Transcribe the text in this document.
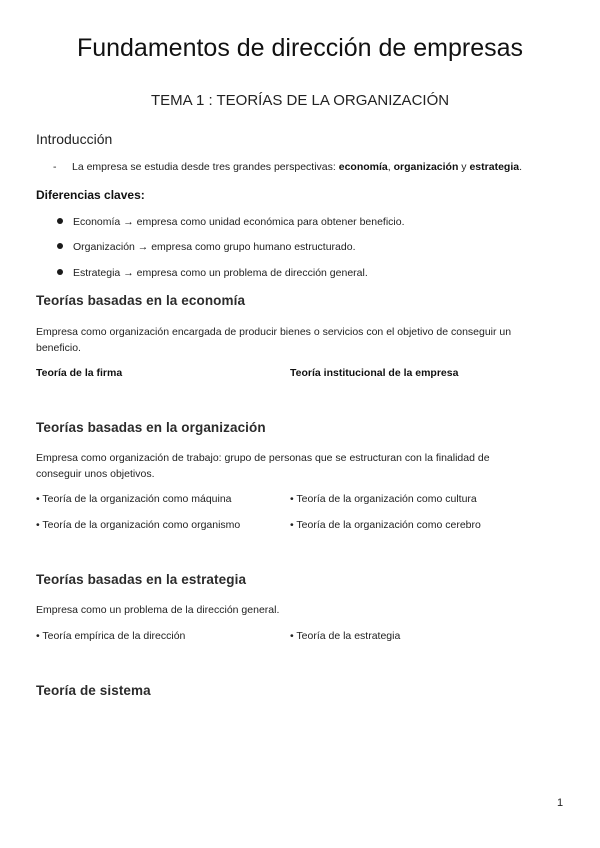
Fundamentos de dirección de empresas
TEMA 1 : TEORÍAS DE LA ORGANIZACIÓN
Introducción

- La empresa se estudia desde tres grandes perspectivas: economía, organización y estrategia.

Diferencias claves:

Economía → empresa como unidad económica para obtener beneficio.

Organización → empresa como grupo humano estructurado.

Estrategia → empresa como un problema de dirección general.

Teorías basadas en la economía

Empresa como organización encargada de producir bienes o servicios con el objetivo de conseguir un beneficio.

Teoría de la firma	Teoría institucional de la empresa

Teorías basadas en la organización

Empresa como organización de trabajo: grupo de personas que se estructuran con la finalidad de conseguir unos objetivos.

• Teoría de la organización como máquina	• Teoría de la organización como cultura

• Teoría de la organización como organismo	• Teoría de la organización como cerebro

Teorías basadas en la estrategia

Empresa como un problema de la dirección general.

• Teoría empírica de la dirección	• Teoría de la estrategia

Teoría de sistema

1
